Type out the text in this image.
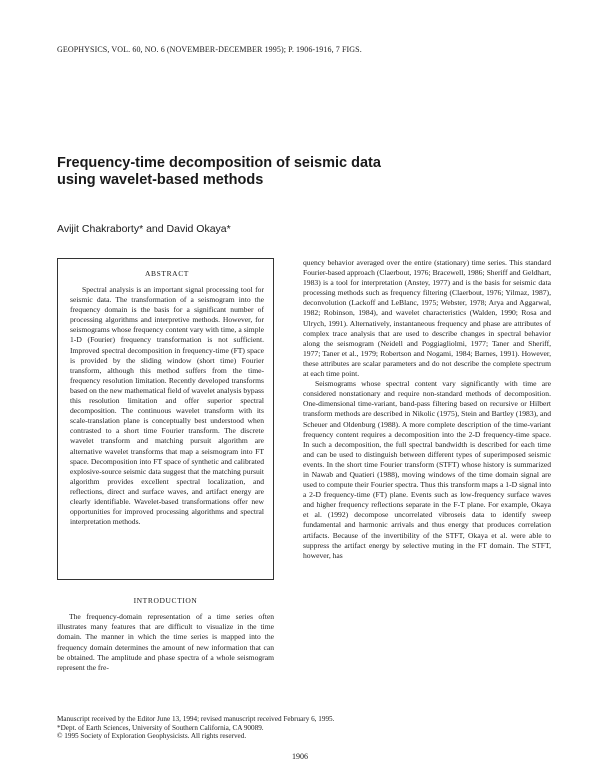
GEOPHYSICS, VOL. 60, NO. 6 (NOVEMBER-DECEMBER 1995); P. 1906-1916, 7 FIGS.
Frequency-time decomposition of seismic data
using wavelet-based methods
Avijit Chakraborty* and David Okaya*
ABSTRACT

Spectral analysis is an important signal processing tool for seismic data. The transformation of a seismogram into the frequency domain is the basis for a significant number of processing algorithms and interpretive methods. However, for seismograms whose frequency content vary with time, a simple 1-D (Fourier) frequency transformation is not sufficient. Improved spectral decomposition in frequency-time (FT) space is provided by the sliding window (short time) Fourier transform, although this method suffers from the time-frequency resolution limitation. Recently developed transforms based on the new mathematical field of wavelet analysis bypass this resolution limitation and offer superior spectral decomposition. The continuous wavelet transform with its scale-translation plane is conceptually best understood when contrasted to a short time Fourier transform. The discrete wavelet transform and matching pursuit algorithm are alternative wavelet transforms that map a seismogram into FT space. Decomposition into FT space of synthetic and calibrated explosive-source seismic data suggest that the matching pursuit algorithm provides excellent spectral localization, and reflections, direct and surface waves, and artifact energy are clearly identifiable. Wavelet-based transformations offer new opportunities for improved processing algorithms and spectral interpretation methods.

INTRODUCTION

The frequency-domain representation of a time series often illustrates many features that are difficult to visualize in the time domain. The manner in which the time series is mapped into the frequency domain determines the amount of new information that can be obtained. The amplitude and phase spectra of a whole seismogram represent the fre-

quency behavior averaged over the entire (stationary) time series. This standard Fourier-based approach (Claerbout, 1976; Bracewell, 1986; Sheriff and Geldhart, 1983) is a tool for interpretation (Anstey, 1977) and is the basis for seismic data processing methods such as frequency filtering (Claerbout, 1976; Yilmaz, 1987), deconvolution (Lackoff and LeBlanc, 1975; Webster, 1978; Arya and Aggarwal, 1982; Robinson, 1984), and wavelet characteristics (Walden, 1990; Rosa and Ulrych, 1991). Alternatively, instantaneous frequency and phase are attributes of complex trace analysis that are used to describe changes in spectral behavior along the seismogram (Neidell and Poggiagliolmi, 1977; Taner and Sheriff, 1977; Taner et al., 1979; Robertson and Nogami, 1984; Barnes, 1991). However, these attributes are scalar parameters and do not describe the complete spectrum at each time point.

Seismograms whose spectral content vary significantly with time are considered nonstationary and require non-standard methods of decomposition. One-dimensional time-variant, band-pass filtering based on recursive or Hilbert transform methods are described in Nikolic (1975), Stein and Bartley (1983), and Scheuer and Oldenburg (1988). A more complete description of the time-variant frequency content requires a decomposition into the 2-D frequency-time space. In such a decomposition, the full spectral bandwidth is described for each time and can be used to distinguish between different types of superimposed seismic events. In the short time Fourier transform (STFT) whose history is summarized in Nawab and Quatieri (1988), moving windows of the time domain signal are used to compute their Fourier spectra. Thus this transform maps a 1-D signal into a 2-D frequency-time (FT) plane. Events such as low-frequency surface waves and higher frequency reflections separate in the F-T plane. For example, Okaya et al. (1992) decompose uncorrelated vibroseis data to identify sweep fundamental and harmonic arrivals and thus energy that produces correlation artifacts. Because of the invertibility of the STFT, Okaya et al. were able to suppress the artifact energy by selective muting in the FT domain. The STFT, however, has

Manuscript received by the Editor June 13, 1994; revised manuscript received February 6, 1995.
*Dept. of Earth Sciences, University of Southern California, CA 90089.
© 1995 Society of Exploration Geophysicists. All rights reserved.
1906
